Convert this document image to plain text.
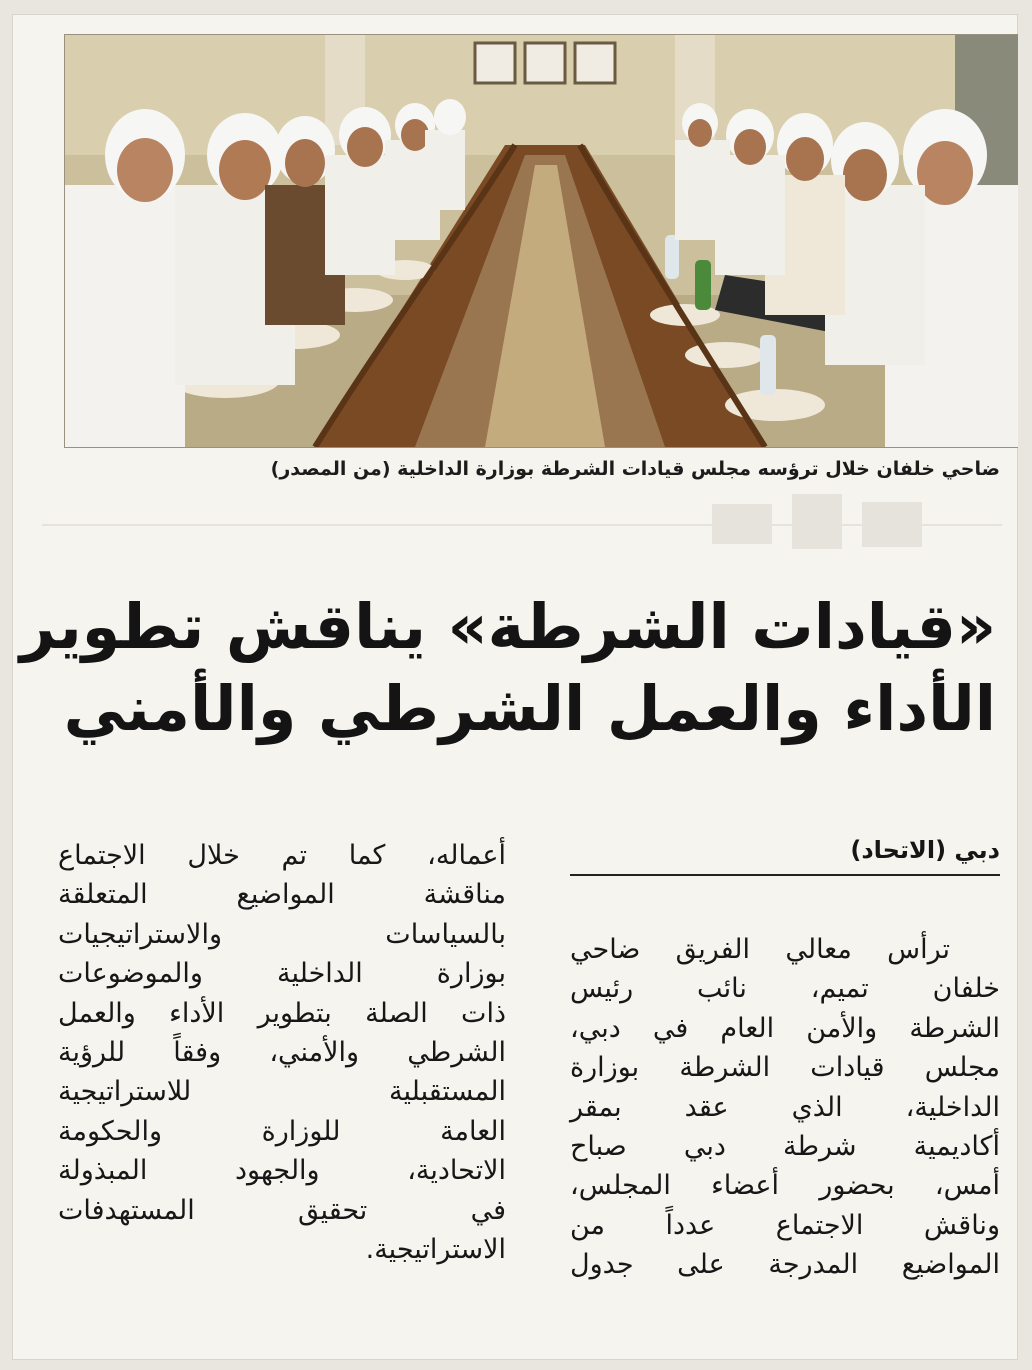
ضاحي خلفان خلال ترؤسه مجلس قيادات الشرطة بوزارة الداخلية (من المصدر)
«قيادات الشرطة» يناقش تطوير
الأداء والعمل الشرطي والأمني
دبي (الاتحاد)
ترأس معالي الفريق ضاحي
خلفان تميم، نائب رئيس
الشرطة والأمن العام في دبي،
مجلس قيادات الشرطة بوزارة
الداخلية، الذي عقد بمقر
أكاديمية شرطة دبي صباح
أمس، بحضور أعضاء المجلس،
وناقش الاجتماع عدداً من
المواضيع المدرجة على جدول
أعماله، كما تم خلال الاجتماع
مناقشة المواضيع المتعلقة
بالسياسات والاستراتيجيات
بوزارة الداخلية والموضوعات
ذات الصلة بتطوير الأداء والعمل
الشرطي والأمني، وفقاً للرؤية
المستقبلية للاستراتيجية
العامة للوزارة والحكومة
الاتحادية، والجهود المبذولة
في تحقيق المستهدفات
الاستراتيجية.
